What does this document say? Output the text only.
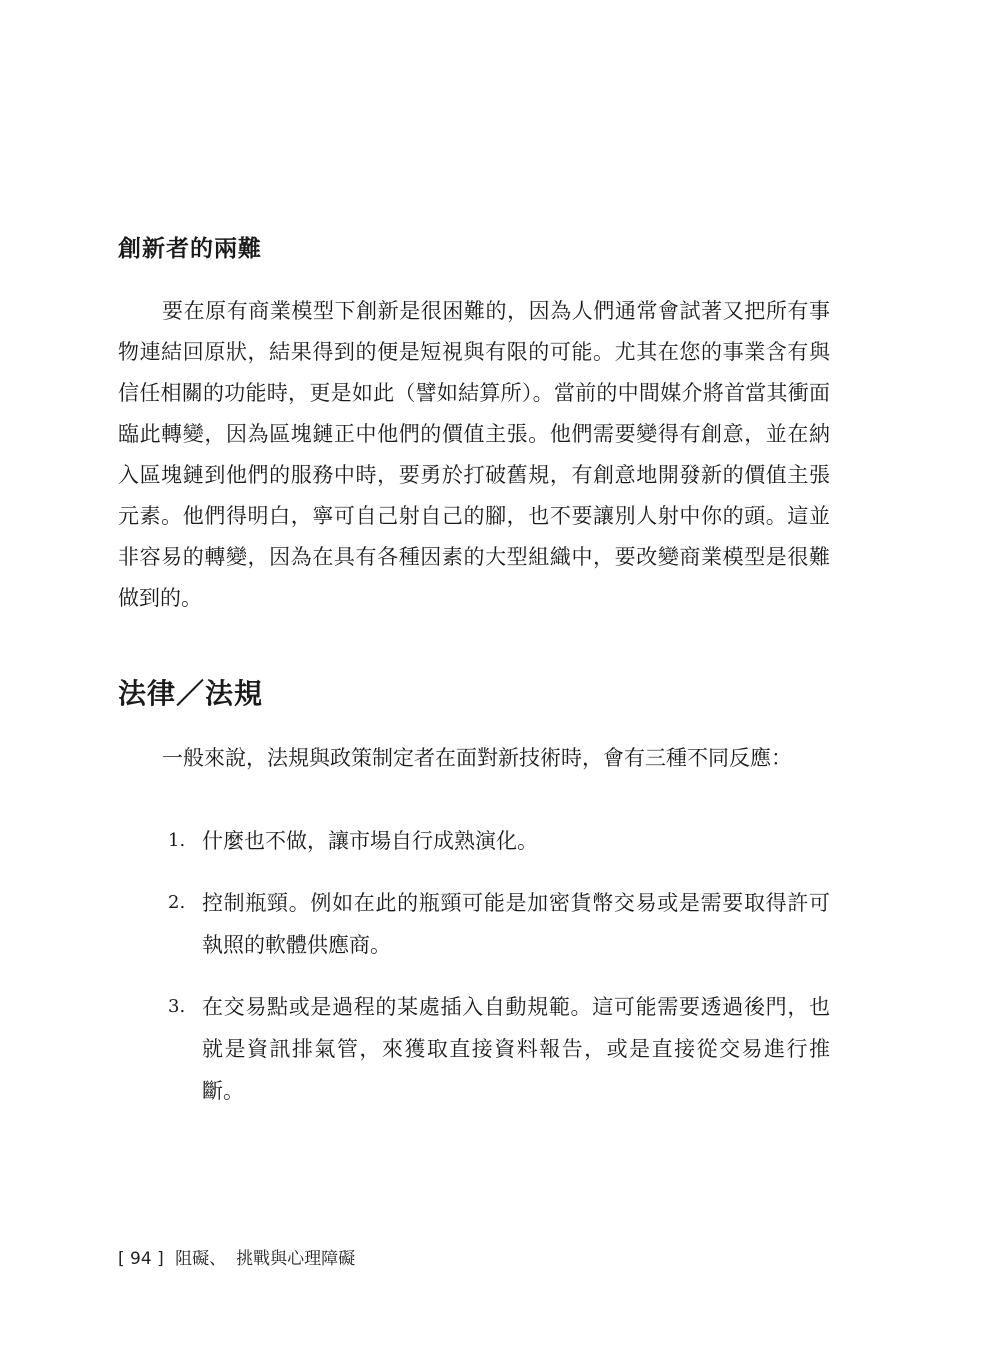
創新者的兩難

要在原有商業模型下創新是很困難的，因為人們通常會試著又把所有事物連結回原狀，結果得到的便是短視與有限的可能。尤其在您的事業含有與信任相關的功能時，更是如此（譬如結算所）。當前的中間媒介將首當其衝面臨此轉變，因為區塊鏈正中他們的價值主張。他們需要變得有創意，並在納入區塊鏈到他們的服務中時，要勇於打破舊規，有創意地開發新的價值主張元素。他們得明白，寧可自己射自己的腳，也不要讓別人射中你的頭。這並非容易的轉變，因為在具有各種因素的大型組織中，要改變商業模型是很難做到的。

法律／法規

一般來說，法規與政策制定者在面對新技術時，會有三種不同反應：

1. 什麼也不做，讓市場自行成熟演化。
2. 控制瓶頸。例如在此的瓶頸可能是加密貨幣交易或是需要取得許可執照的軟體供應商。
3. 在交易點或是過程的某處插入自動規範。這可能需要透過後門，也就是資訊排氣管，來獲取直接資料報告，或是直接從交易進行推斷。
[ 94 ] 阻礙、 挑戰與心理障礙
